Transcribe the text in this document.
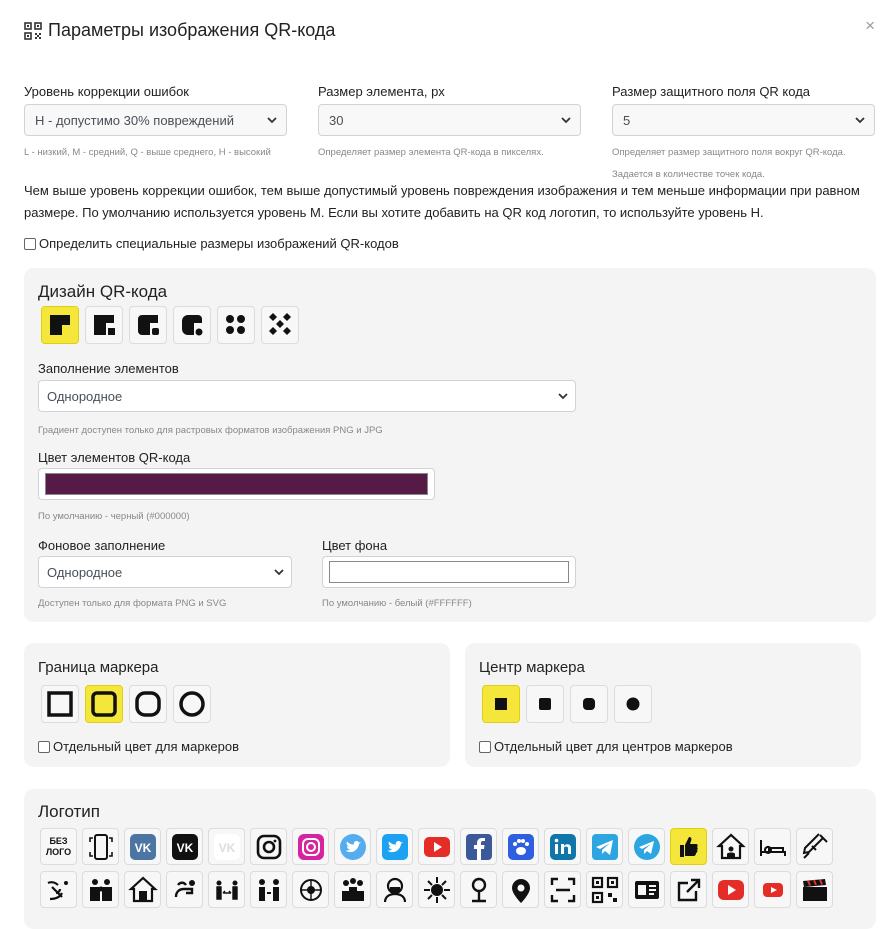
Параметры изображения QR-кода	×
Уровень коррекции ошибок
H - допустимо 30% повреждений
L - низкий, M - средний, Q - выше среднего, H - высокий
Размер элемента, px
30
Определяет размер элемента QR-кода в пикселях.
Размер защитного поля QR кода
5
Определяет размер защитного поля вокруг QR-кода.
Задается в количестве точек кода.
Чем выше уровень коррекции ошибок, тем выше допустимый уровень повреждения изображения и тем меньше информации при равном размере. По умолчанию используется уровень M. Если вы хотите добавить на QR код логотип, то используйте уровень H.
Определить специальные размеры изображений QR-кодов
Дизайн QR-кода
Заполнение элементов
Однородное
Градиент доступен только для растровых форматов изображения PNG и JPG
Цвет элементов QR-кода
По умолчанию - черный (#000000)
Фоновое заполнение
Однородное
Доступен только для формата PNG и SVG
Цвет фона
По умолчанию - белый (#FFFFFF)
Граница маркера
Отдельный цвет для маркеров
Центр маркера
Отдельный цвет для центров маркеров
Логотип
БЕЗ ЛОГО	VK VK VK
